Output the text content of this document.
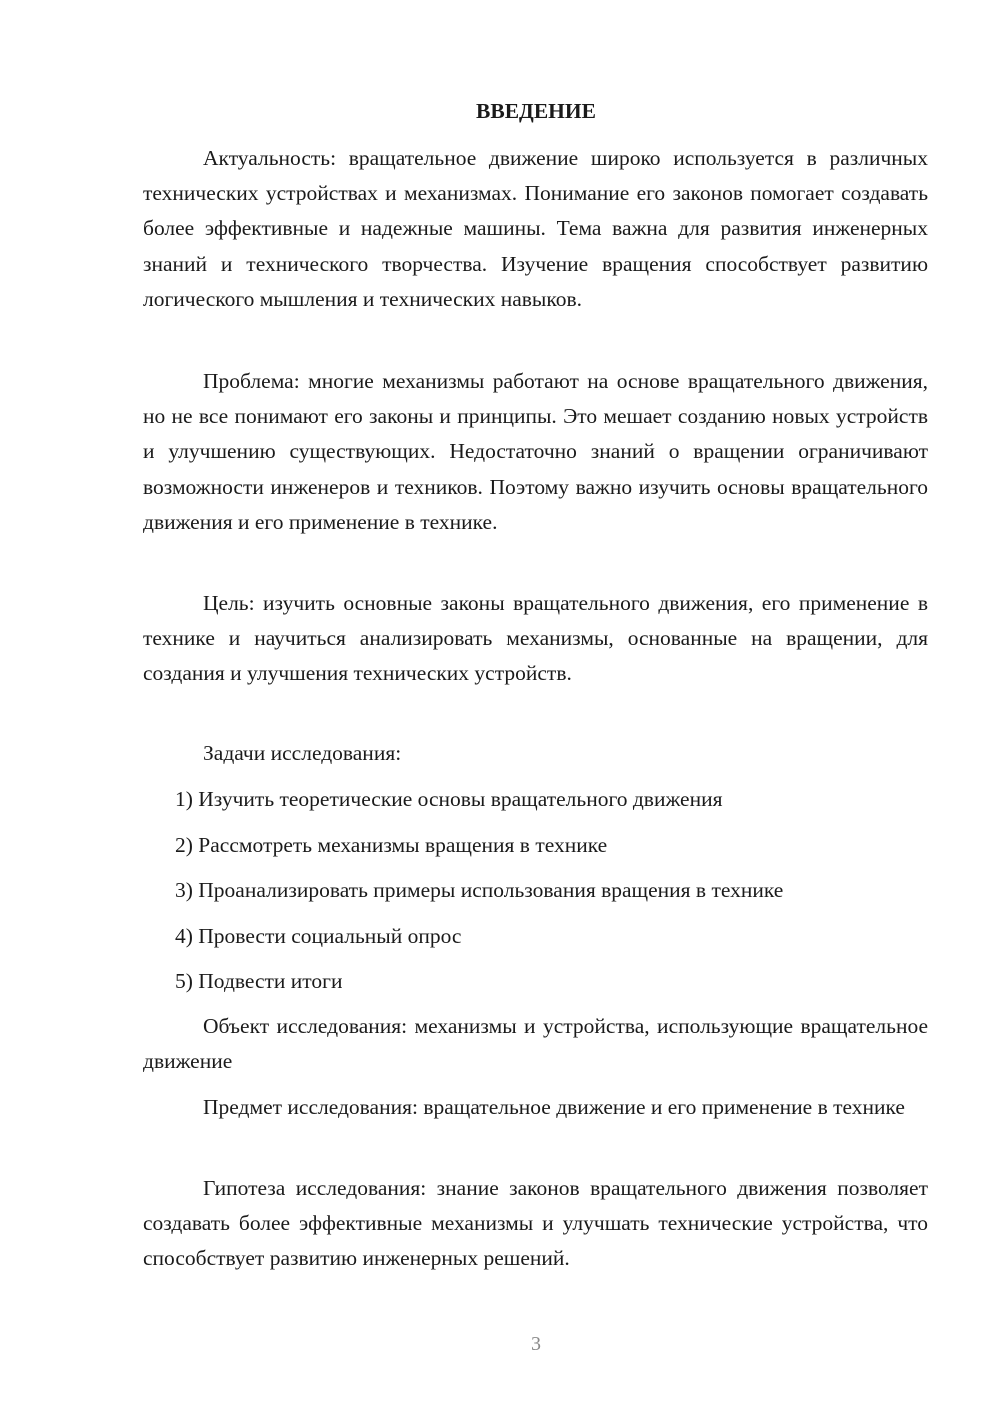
ВВЕДЕНИЕ

Актуальность: вращательное движение широко используется в различных технических устройствах и механизмах. Понимание его законов помогает создавать более эффективные и надежные машины. Тема важна для развития инженерных знаний и технического творчества. Изучение вращения способствует развитию логического мышления и технических навыков.

Проблема: многие механизмы работают на основе вращательного движения, но не все понимают его законы и принципы. Это мешает созданию новых устройств и улучшению существующих. Недостаточно знаний о вращении ограничивают возможности инженеров и техников. Поэтому важно изучить основы вращательного движения и его применение в технике.

Цель: изучить основные законы вращательного движения, его применение в технике и научиться анализировать механизмы, основанные на вращении, для создания и улучшения технических устройств.

Задачи исследования:

1) Изучить теоретические основы вращательного движения
2) Рассмотреть механизмы вращения в технике
3) Проанализировать примеры использования вращения в технике
4) Провести социальный опрос
5) Подвести итоги

Объект исследования: механизмы и устройства, использующие вращательное движение

Предмет исследования: вращательное движение и его применение в технике

Гипотеза исследования: знание законов вращательного движения позволяет создавать более эффективные механизмы и улучшать технические устройства, что способствует развитию инженерных решений.

3
